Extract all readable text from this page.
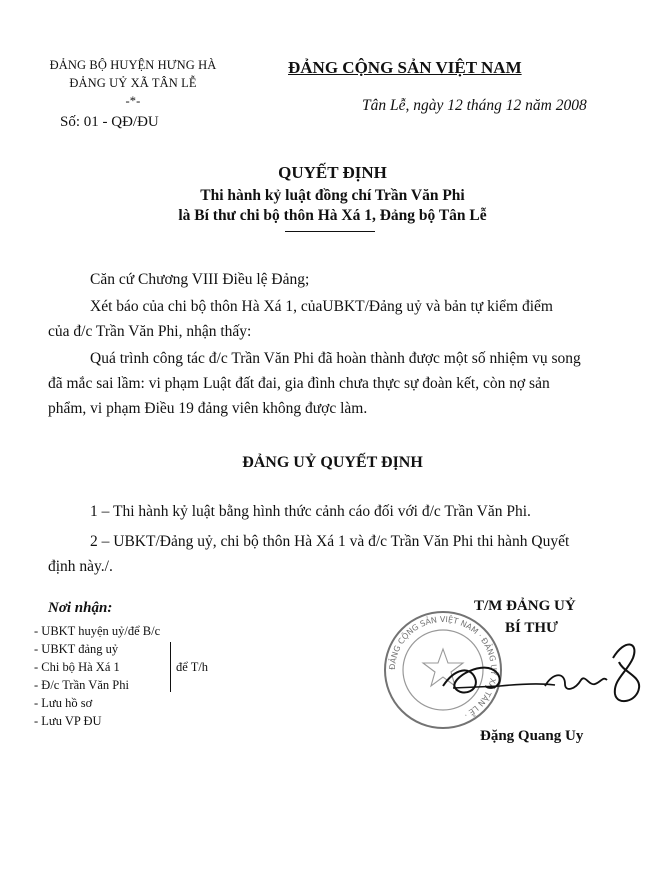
ĐẢNG BỘ HUYỆN HƯNG HÀ
ĐẢNG UỶ XÃ TÂN LỄ
-*-
Số: 01 - QĐ/ĐU
ĐẢNG CỘNG SẢN VIỆT NAM
Tân Lễ, ngày 12 tháng 12 năm 2008
QUYẾT ĐỊNH
Thi hành kỷ luật đồng chí Trần Văn Phi
là Bí thư chi bộ thôn Hà Xá 1, Đảng bộ Tân Lễ
Căn cứ Chương VIII Điều lệ Đảng;
Xét báo của chi bộ thôn Hà Xá 1, củaUBKT/Đảng uỷ và bản tự kiểm điểm
của đ/c Trần Văn Phi, nhận thấy:
Quá trình công tác đ/c Trần Văn Phi đã hoàn thành được một số nhiệm vụ song
đã mắc sai lầm: vi phạm Luật đất đai, gia đình chưa thực sự đoàn kết, còn nợ sản
phẩm, vi phạm Điều 19 đảng viên không được làm.
ĐẢNG UỶ QUYẾT ĐỊNH
1 – Thi hành kỷ luật bằng hình thức cảnh cáo đối với đ/c Trần Văn Phi.
2 – UBKT/Đảng uỷ, chi bộ thôn Hà Xá 1 và đ/c Trần Văn Phi thi hành Quyết
định này./.
Nơi nhận:
- UBKT huyện uỷ/để B/c
- UBKT đảng uỷ
- Chi bộ Hà Xá 1
- Đ/c Trần Văn Phi
- Lưu hồ sơ
- Lưu VP ĐU
để T/h
T/M ĐẢNG UỶ
BÍ THƯ
ĐẢNG CỘNG SẢN VIỆT NAM · ĐẢNG UỶ XÃ TÂN LỄ ·
Đặng Quang Uy
